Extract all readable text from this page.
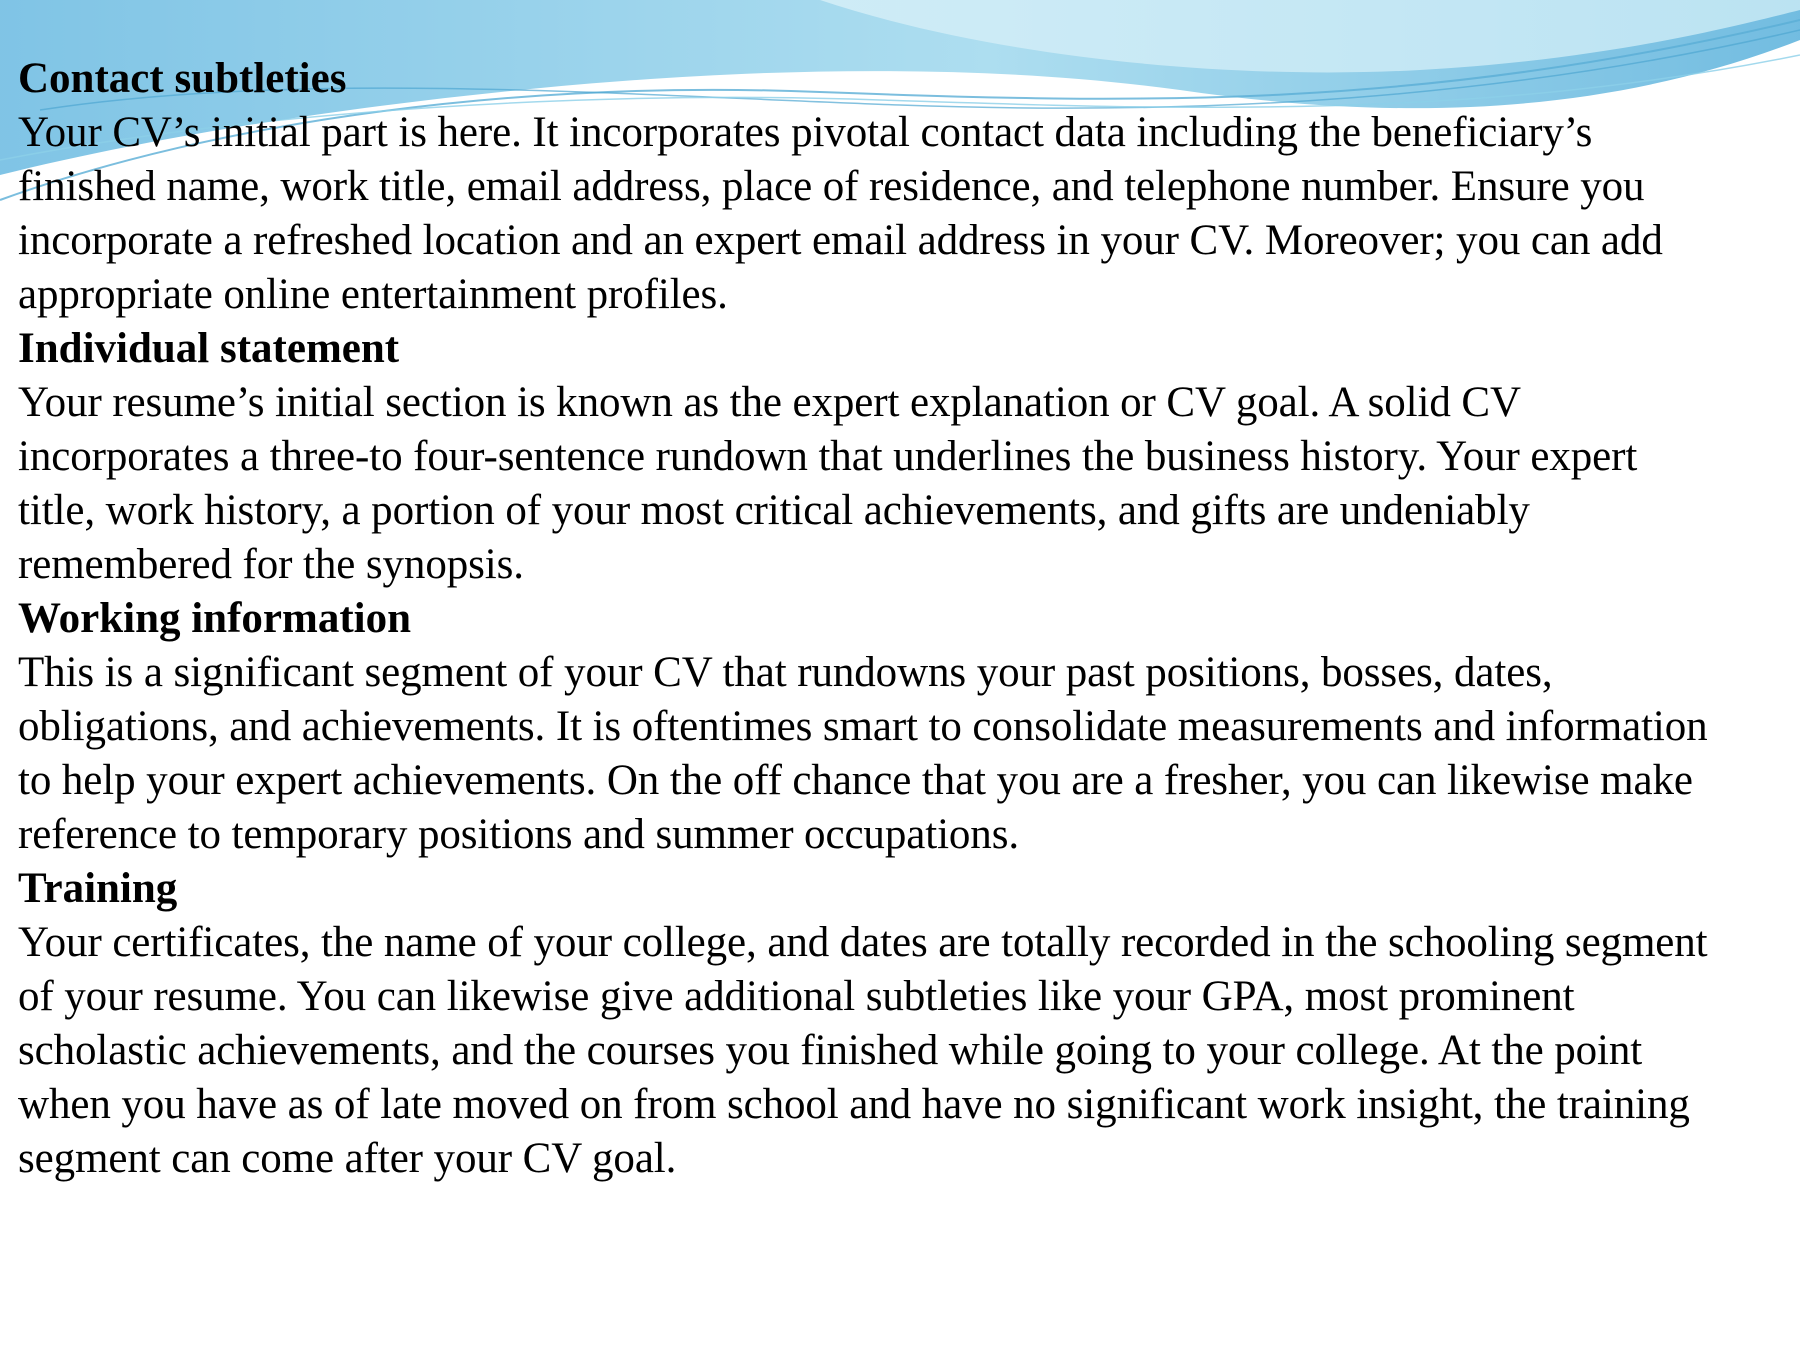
Contact subtleties

Your CV’s initial part is here. It incorporates pivotal contact data including the beneficiary’s finished name, work title, email address, place of residence, and telephone number. Ensure you incorporate a refreshed location and an expert email address in your CV. Moreover; you can add appropriate online entertainment profiles.

Individual statement

Your resume’s initial section is known as the expert explanation or CV goal. A solid CV incorporates a three-to four-sentence rundown that underlines the business history. Your expert title, work history, a portion of your most critical achievements, and gifts are undeniably remembered for the synopsis.

Working information

This is a significant segment of your CV that rundowns your past positions, bosses, dates, obligations, and achievements. It is oftentimes smart to consolidate measurements and information to help your expert achievements. On the off chance that you are a fresher, you can likewise make reference to temporary positions and summer occupations.

Training

Your certificates, the name of your college, and dates are totally recorded in the schooling segment of your resume. You can likewise give additional subtleties like your GPA, most prominent scholastic achievements, and the courses you finished while going to your college. At the point when you have as of late moved on from school and have no significant work insight, the training segment can come after your CV goal.
